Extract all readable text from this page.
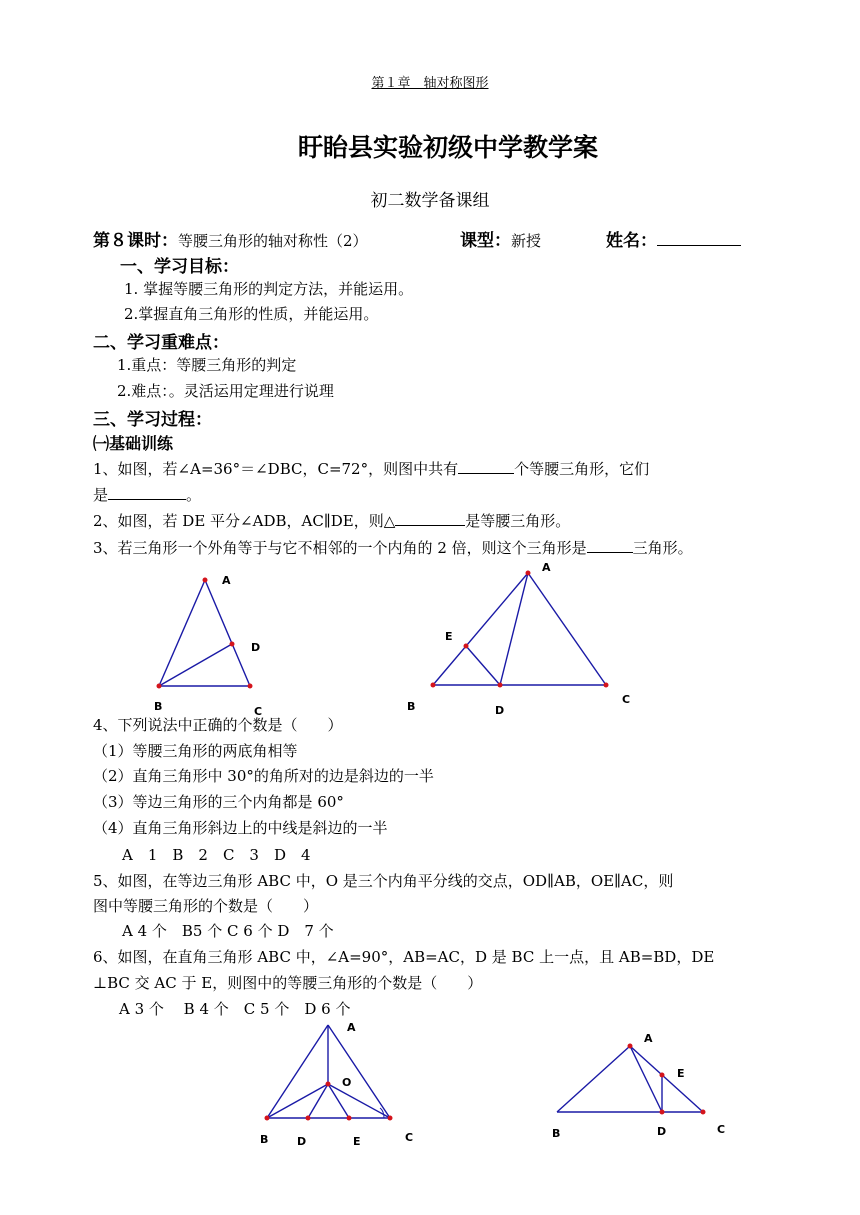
第１章　轴对称图形
盱眙县实验初级中学教学案
初二数学备课组
第８课时：等腰三角形的轴对称性（2）	课型：新授	姓名：
一、学习目标：
1. 掌握等腰三角形的判定方法，并能运用。
2.掌握直角三角形的性质，并能运用。
二、学习重难点：
1.重点：等腰三角形的判定
2.难点：。灵活运用定理进行说理
三、学习过程：
㈠基础训练
1、如图，若∠A=36°＝∠DBC，C=72°，则图中共有	个等腰三角形，它们
是	。
2、如图，若 DE 平分∠ADB，AC∥DE，则△	是等腰三角形。
3、若三角形一个外角等于与它不相邻的一个内角的 2 倍，则这个三角形是	三角形。
A
D
B	C
A
E
B	D
C
4、下列说法中正确的个数是（　　）
（1）等腰三角形的两底角相等
（2）直角三角形中 30°的角所对的边是斜边的一半
（3）等边三角形的三个内角都是 60°
（4）直角三角形斜边上的中线是斜边的一半
A　1　B　2　C　3　D　4
5、如图，在等边三角形 ABC 中，O 是三个内角平分线的交点，OD∥AB，OE∥AC，则
图中等腰三角形的个数是（　　）
A 4 个　B5 个 C 6 个 D　7 个
6、如图，在直角三角形 ABC 中，∠A=90°，AB=AC，D 是 BC 上一点，且 AB=BD，DE
⊥BC 交 AC 于 E，则图中的等腰三角形的个数是（　　）
A 3 个　 B 4 个　C 5 个　D 6 个
A
O
B	D	E	C
A
E
B	D	C
